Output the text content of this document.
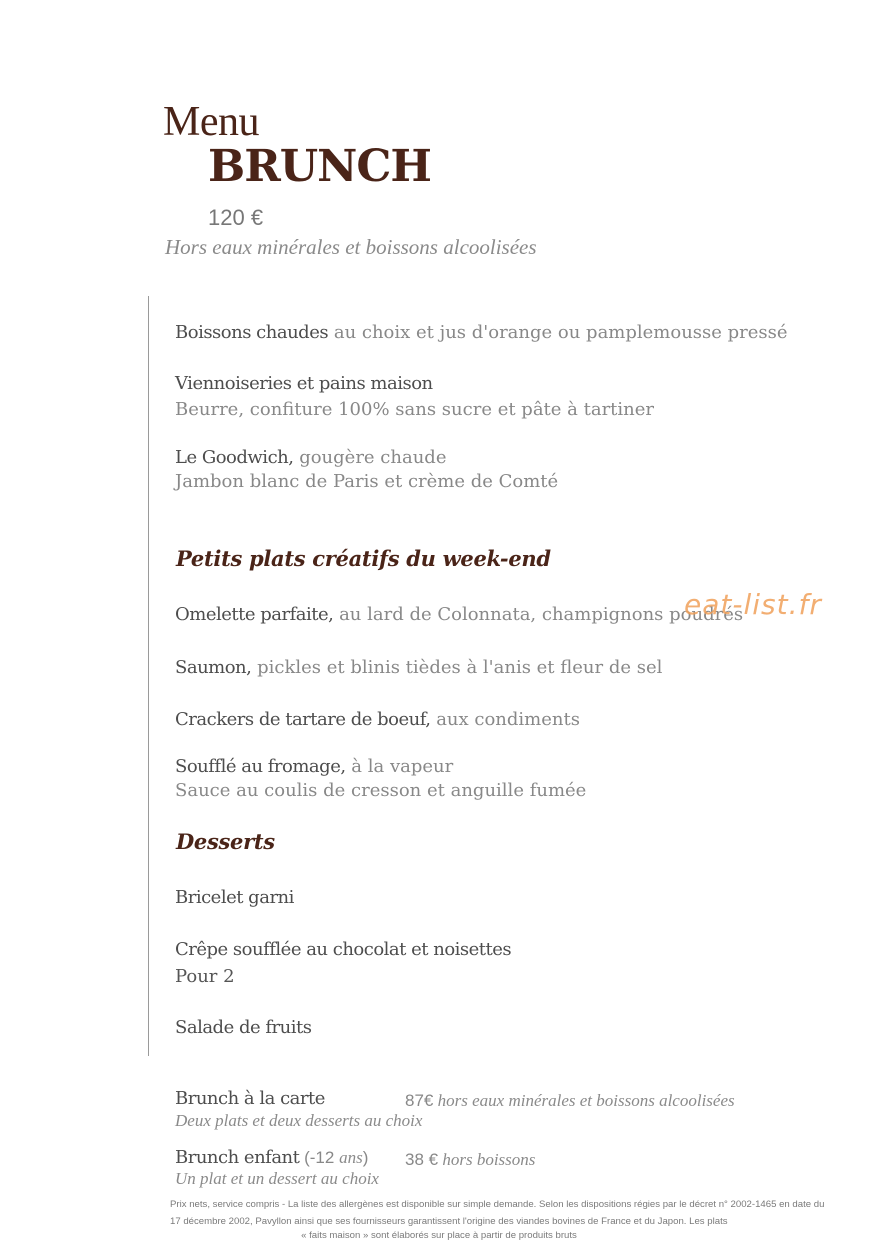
Menu
BRUNCH
120 €
Hors eaux minérales et boissons alcoolisées
Boissons chaudes au choix et jus d'orange ou pamplemousse pressé
Viennoiseries et pains maison
Beurre, confiture 100% sans sucre et pâte à tartiner
Le Goodwich, gougère chaude
Jambon blanc de Paris et crème de Comté
Petits plats créatifs du week-end
Omelette parfaite, au lard de Colonnata, champignons poudrés
eat-list.fr
Saumon, pickles et blinis tièdes à l'anis et fleur de sel
Crackers de tartare de boeuf, aux condiments
Soufflé au fromage, à la vapeur
Sauce au coulis de cresson et anguille fumée
Desserts
Bricelet garni
Crêpe soufflée au chocolat et noisettes
Pour 2
Salade de fruits
Brunch à la carte	87€ hors eaux minérales et boissons alcoolisées
Deux plats et deux desserts au choix
Brunch enfant (-12 ans) 38 € hors boissons
Un plat et un dessert au choix
Prix nets, service compris - La liste des allergènes est disponible sur simple demande. Selon les dispositions régies par le décret n° 2002-1465 en date du 17 décembre 2002, Pavyllon ainsi que ses fournisseurs garantissent l'origine des viandes bovines de France et du Japon. Les plats
« faits maison » sont élaborés sur place à partir de produits bruts
